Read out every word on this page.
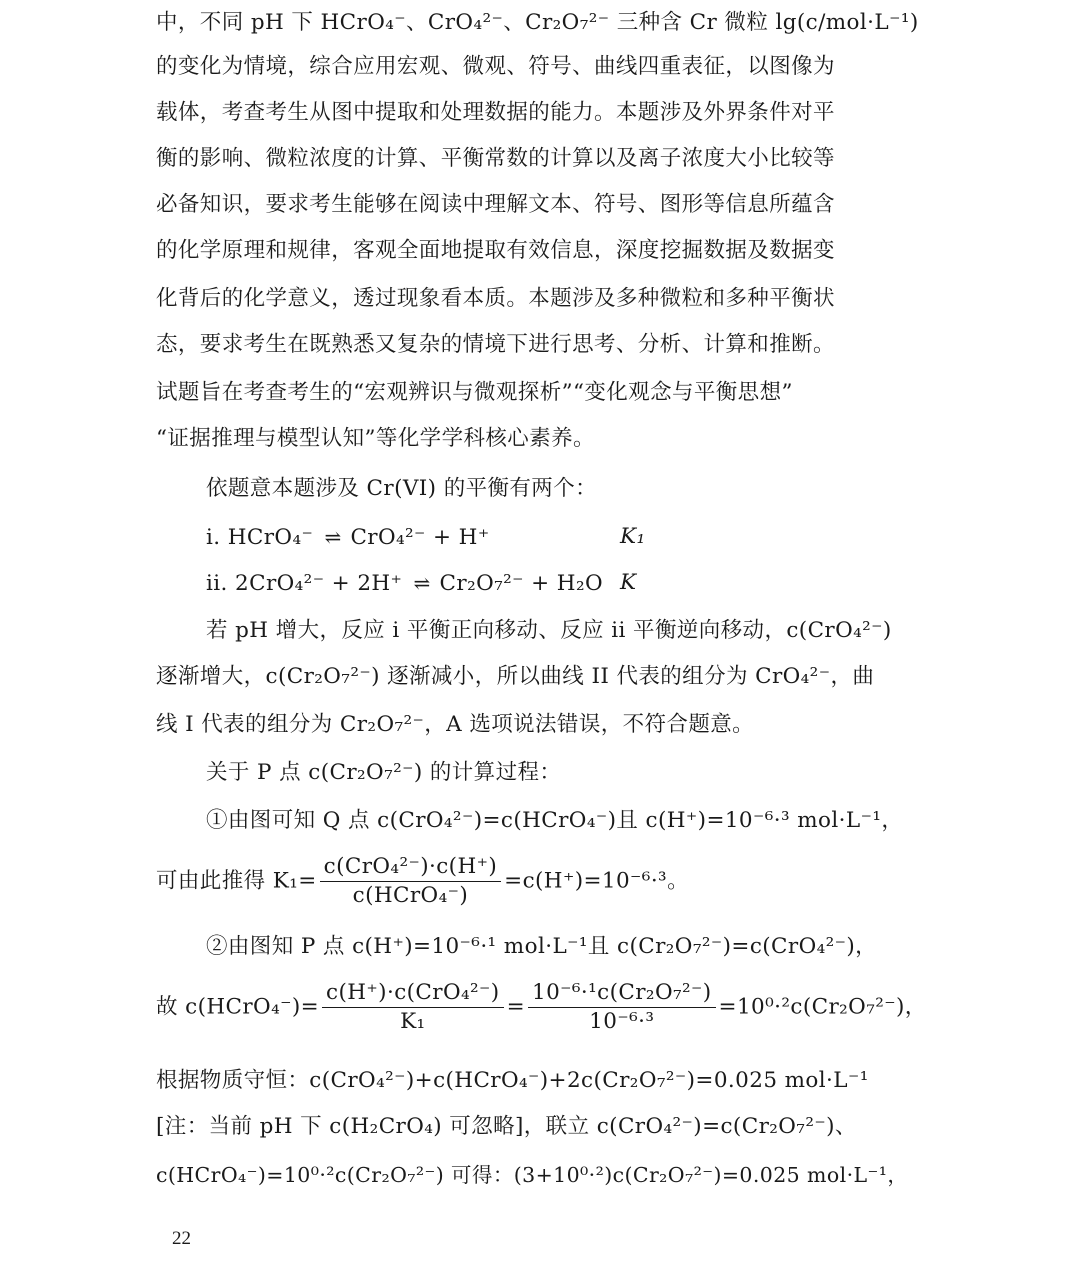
中，不同 pH 下 HCrO₄⁻、CrO₄²⁻、Cr₂O₇²⁻ 三种含 Cr 微粒 lg(c/mol·L⁻¹)
的变化为情境，综合应用宏观、微观、符号、曲线四重表征，以图像为
载体，考查考生从图中提取和处理数据的能力。本题涉及外界条件对平
衡的影响、微粒浓度的计算、平衡常数的计算以及离子浓度大小比较等
必备知识，要求考生能够在阅读中理解文本、符号、图形等信息所蕴含
的化学原理和规律，客观全面地提取有效信息，深度挖掘数据及数据变
化背后的化学意义，透过现象看本质。本题涉及多种微粒和多种平衡状
态，要求考生在既熟悉又复杂的情境下进行思考、分析、计算和推断。
试题旨在考查考生的“宏观辨识与微观探析”“变化观念与平衡思想”
“证据推理与模型认知”等化学学科核心素养。
依题意本题涉及 Cr(VI) 的平衡有两个：
i. HCrO₄⁻ ⇌ CrO₄²⁻ + H⁺	K₁
ii. 2CrO₄²⁻ + 2H⁺ ⇌ Cr₂O₇²⁻ + H₂O K
若 pH 增大，反应 i 平衡正向移动、反应 ii 平衡逆向移动，c(CrO₄²⁻)
逐渐增大，c(Cr₂O₇²⁻) 逐渐减小，所以曲线 II 代表的组分为 CrO₄²⁻，曲
线 I 代表的组分为 Cr₂O₇²⁻，A 选项说法错误，不符合题意。
关于 P 点 c(Cr₂O₇²⁻) 的计算过程：
①由图可知 Q 点 c(CrO₄²⁻)=c(HCrO₄⁻)且 c(H⁺)=10⁻⁶·³ mol·L⁻¹，
可由此推得 $K_1= \frac{\text{c(CrO₄²⁻)·c(H⁺)}}{\text{c(HCrO₄⁻)}} =c(H^+)=10^{-6}\cdot^3$。
②由图知 P 点 c(H⁺)=10⁻⁶·¹ mol·L⁻¹且 c(Cr₂O₇²⁻)=c(CrO₄²⁻)，
故 c(HCrO₄⁻)= $\frac{\text{c(H⁺)·c(CrO₄²⁻)}}{\text{K₁}} = \frac{\text{10⁻⁶·¹c(Cr₂O₇²⁻)}}{\text{10⁻⁶·³}} =10^0\cdot^2c(Cr_2O_7^{2-})$，
根据物质守恒：c(CrO₄²⁻)+c(HCrO₄⁻)+2c(Cr₂O₇²⁻)=0.025 mol·L⁻¹
[注：当前 pH 下 c(H₂CrO₄) 可忽略]，联立 c(CrO₄²⁻)=c(Cr₂O₇²⁻)、
c(HCrO₄⁻)=10⁰·²c(Cr₂O₇²⁻) 可得：(3+10⁰·²)c(Cr₂O₇²⁻)=0.025 mol·L⁻¹，
22
